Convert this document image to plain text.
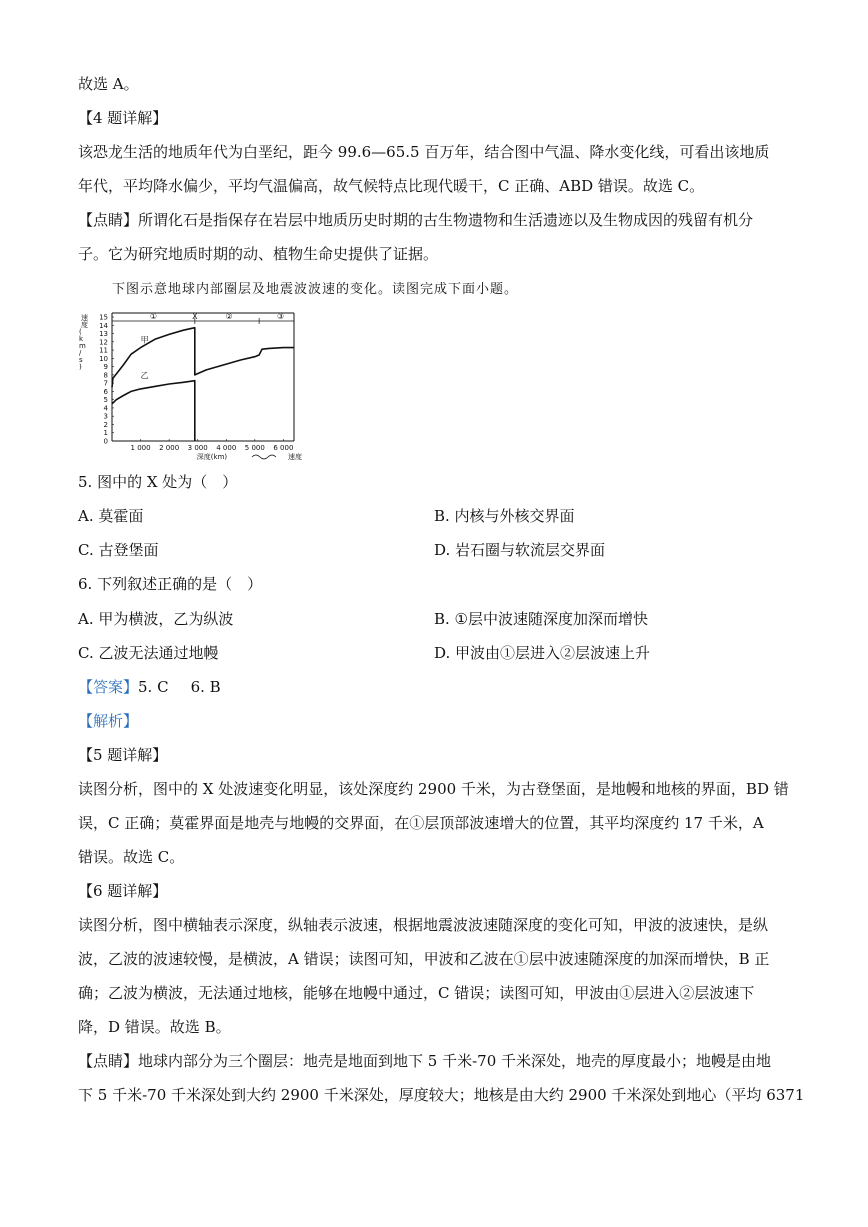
故选 A。
【4 题详解】
该恐龙生活的地质年代为白垩纪，距今 99.6—65.5 百万年，结合图中气温、降水变化线，可看出该地质
年代，平均降水偏少，平均气温偏高，故气候特点比现代暖干，C 正确、ABD 错误。故选 C。
【点睛】所谓化石是指保存在岩层中地质历史时期的古生物遗物和生活遗迹以及生物成因的残留有机分
子。它为研究地质时期的动、植物生命史提供了证据。
下图示意地球内部圈层及地震波波速的变化。读图完成下面小题。
速度( k m / s )
15
14
13
12
11
10
9
8
7
6
5
4
3
2
1
0
甲
乙
1 000 2 000 3 000 4 000 5 000 6 000
深度(km)	速度
①	X	②	③
5. 图中的 X 处为（　）
A. 莫霍面	B. 内核与外核交界面
C. 古登堡面	D. 岩石圈与软流层交界面
6. 下列叙述正确的是（　）
A. 甲为横波，乙为纵波	B. ①层中波速随深度加深而增快
C. 乙波无法通过地幔	D. 甲波由①层进入②层波速上升
【答案】5. C 6. B
【解析】
【5 题详解】
读图分析，图中的 X 处波速变化明显，该处深度约 2900 千米，为古登堡面，是地幔和地核的界面，BD 错
误，C 正确；莫霍界面是地壳与地幔的交界面，在①层顶部波速增大的位置，其平均深度约 17 千米，A
错误。故选 C。
【6 题详解】
读图分析，图中横轴表示深度，纵轴表示波速，根据地震波波速随深度的变化可知，甲波的波速快，是纵
波，乙波的波速较慢，是横波，A 错误；读图可知，甲波和乙波在①层中波速随深度的加深而增快，B 正
确；乙波为横波，无法通过地核，能够在地幔中通过，C 错误；读图可知，甲波由①层进入②层波速下
降，D 错误。故选 B。
【点睛】地球内部分为三个圈层：地壳是地面到地下 5 千米-70 千米深处，地壳的厚度最小；地幔是由地
下 5 千米-70 千米深处到大约 2900 千米深处，厚度较大；地核是由大约 2900 千米深处到地心（平均 6371
